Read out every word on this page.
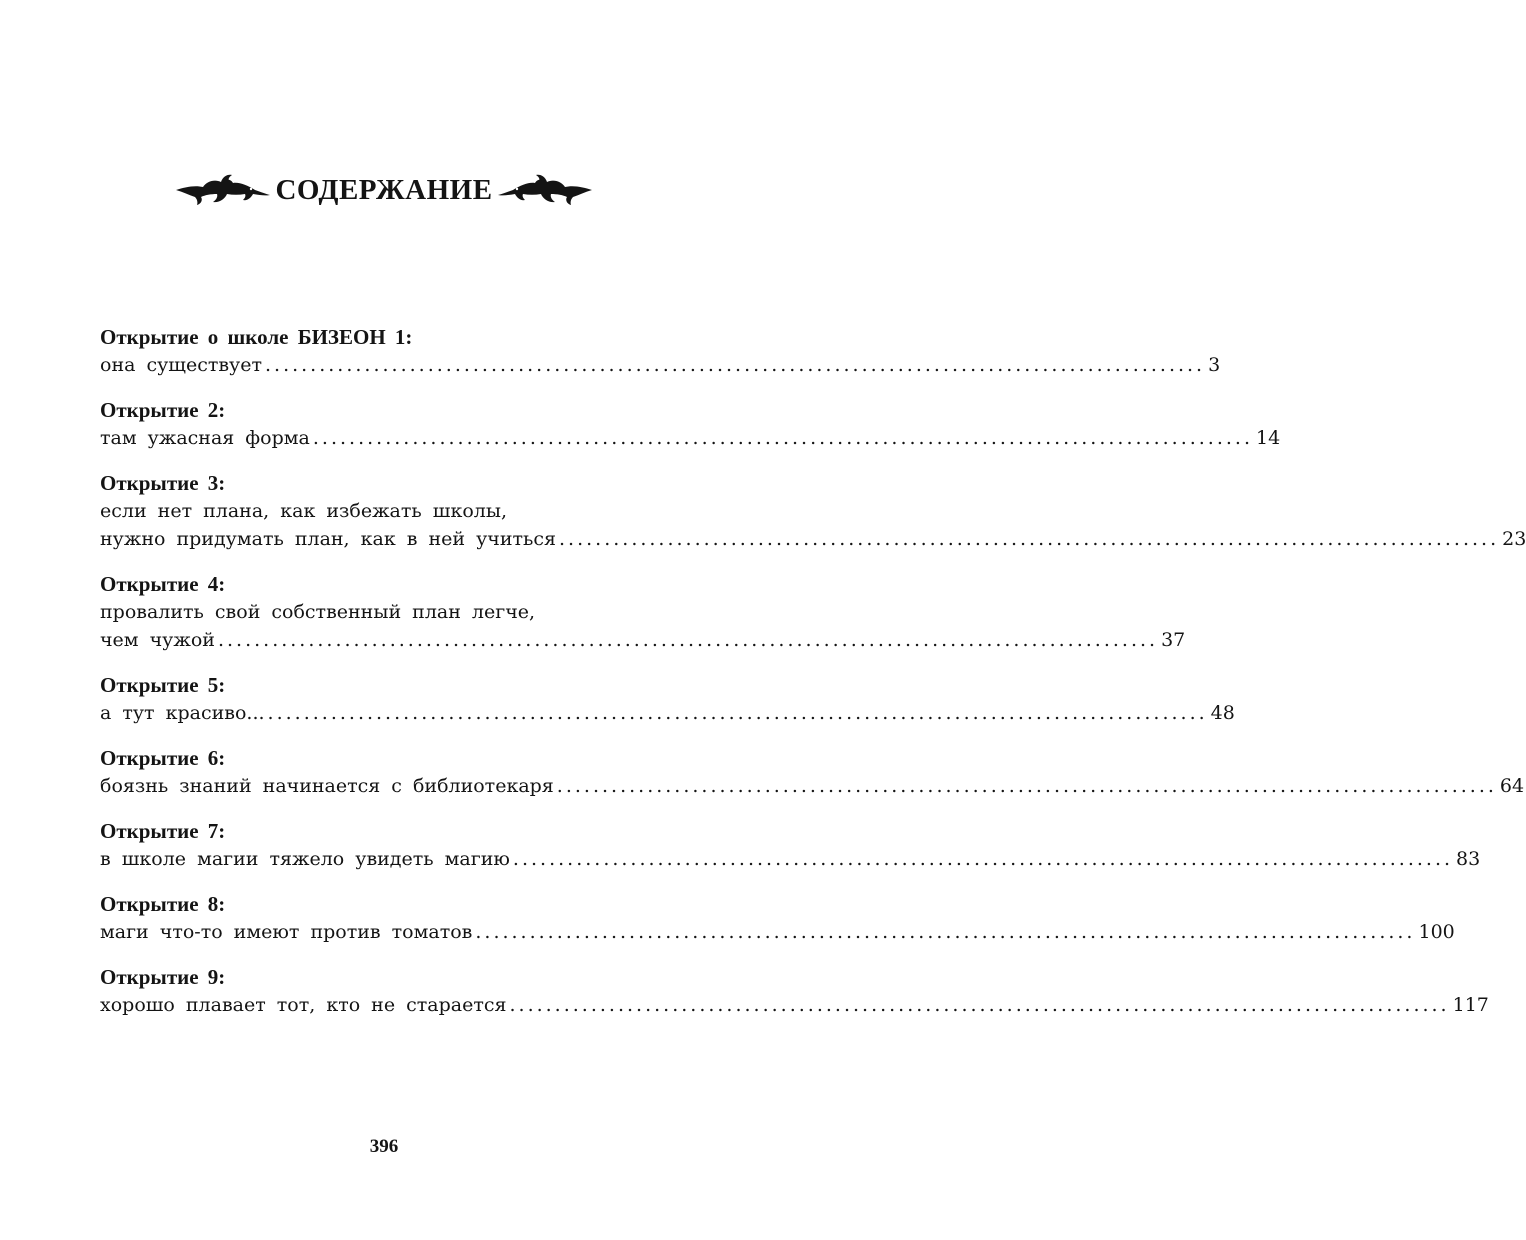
СОДЕРЖАНИЕ
Открытие о школе БИЗЕОН 1:
она существует ........................................................................................................ 3
Открытие 2:
там ужасная форма ........................................................................................................ 14
Открытие 3:
если нет плана, как избежать школы,
нужно придумать план, как в ней учиться ........................................................................................................ 23
Открытие 4:
провалить свой собственный план легче,
чем чужой ........................................................................................................ 37
Открытие 5:
а тут красиво... ........................................................................................................ 48
Открытие 6:
боязнь знаний начинается с библиотекаря ........................................................................................................ 64
Открытие 7:
в школе магии тяжело увидеть магию ........................................................................................................ 83
Открытие 8:
маги что-то имеют против томатов ........................................................................................................ 100
Открытие 9:
хорошо плавает тот, кто не старается ........................................................................................................ 117
396
